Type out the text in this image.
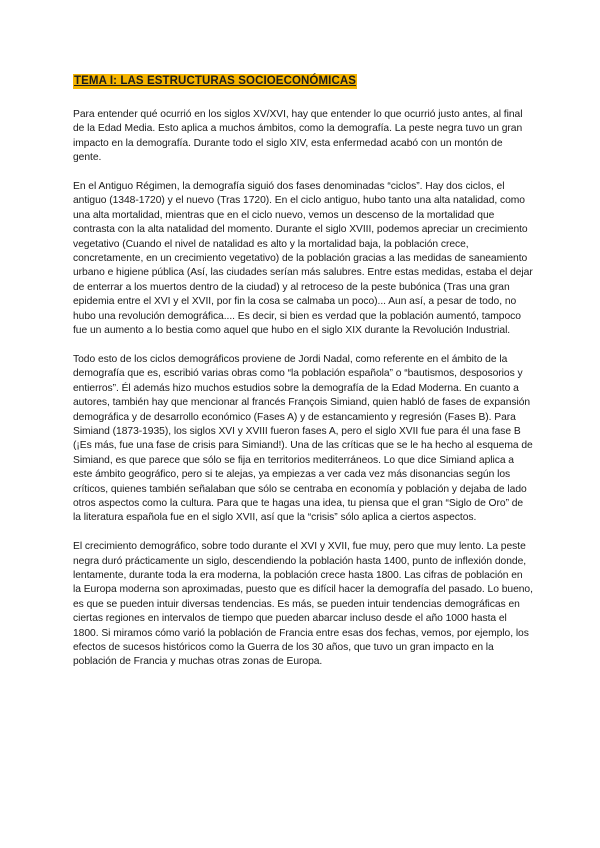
TEMA I: LAS ESTRUCTURAS SOCIOECONÓMICAS

Para entender qué ocurrió en los siglos XV/XVI, hay que entender lo que ocurrió justo antes, al final de la Edad Media. Esto aplica a muchos ámbitos, como la demografía. La peste negra tuvo un gran impacto en la demografía. Durante todo el siglo XIV, esta enfermedad acabó con un montón de gente.

En el Antiguo Régimen, la demografía siguió dos fases denominadas “ciclos”. Hay dos ciclos, el antiguo (1348-1720) y el nuevo (Tras 1720). En el ciclo antiguo, hubo tanto una alta natalidad, como una alta mortalidad, mientras que en el ciclo nuevo, vemos un descenso de la mortalidad que contrasta con la alta natalidad del momento. Durante el siglo XVIII, podemos apreciar un crecimiento vegetativo (Cuando el nivel de natalidad es alto y la mortalidad baja, la población crece, concretamente, en un crecimiento vegetativo) de la población gracias a las medidas de saneamiento urbano e higiene pública (Así, las ciudades serían más salubres. Entre estas medidas, estaba el dejar de enterrar a los muertos dentro de la ciudad) y al retroceso de la peste bubónica (Tras una gran epidemia entre el XVI y el XVII, por fin la cosa se calmaba un poco)... Aun así, a pesar de todo, no hubo una revolución demográfica.... Es decir, si bien es verdad que la población aumentó, tampoco fue un aumento a lo bestia como aquel que hubo en el siglo XIX durante la Revolución Industrial.

Todo esto de los ciclos demográficos proviene de Jordi Nadal, como referente en el ámbito de la demografía que es, escribió varias obras como “la población española” o “bautismos, desposorios y entierros”. Él además hizo muchos estudios sobre la demografía de la Edad Moderna. En cuanto a autores, también hay que mencionar al francés François Simiand, quien habló de fases de expansión demográfica y de desarrollo económico (Fases A) y de estancamiento y regresión (Fases B). Para Simiand (1873-1935), los siglos XVI y XVIII fueron fases A, pero el siglo XVII fue para él una fase B (¡Es más, fue una fase de crisis para Simiand!). Una de las críticas que se le ha hecho al esquema de Simiand, es que parece que sólo se fija en territorios mediterráneos. Lo que dice Simiand aplica a este ámbito geográfico, pero si te alejas, ya empiezas a ver cada vez más disonancias según los críticos, quienes también señalaban que sólo se centraba en economía y población y dejaba de lado otros aspectos como la cultura. Para que te hagas una idea, tu piensa que el gran “Siglo de Oro” de la literatura española fue en el siglo XVII, así que la “crisis” sólo aplica a ciertos aspectos.

El crecimiento demográfico, sobre todo durante el XVI y XVII, fue muy, pero que muy lento. La peste negra duró prácticamente un siglo, descendiendo la población hasta 1400, punto de inflexión donde, lentamente, durante toda la era moderna, la población crece hasta 1800. Las cifras de población en la Europa moderna son aproximadas, puesto que es difícil hacer la demografía del pasado. Lo bueno, es que se pueden intuir diversas tendencias. Es más, se pueden intuir tendencias demográficas en ciertas regiones en intervalos de tiempo que pueden abarcar incluso desde el año 1000 hasta el 1800. Si miramos cómo varió la población de Francia entre esas dos fechas, vemos, por ejemplo, los efectos de sucesos históricos como la Guerra de los 30 años, que tuvo un gran impacto en la población de Francia y muchas otras zonas de Europa.
